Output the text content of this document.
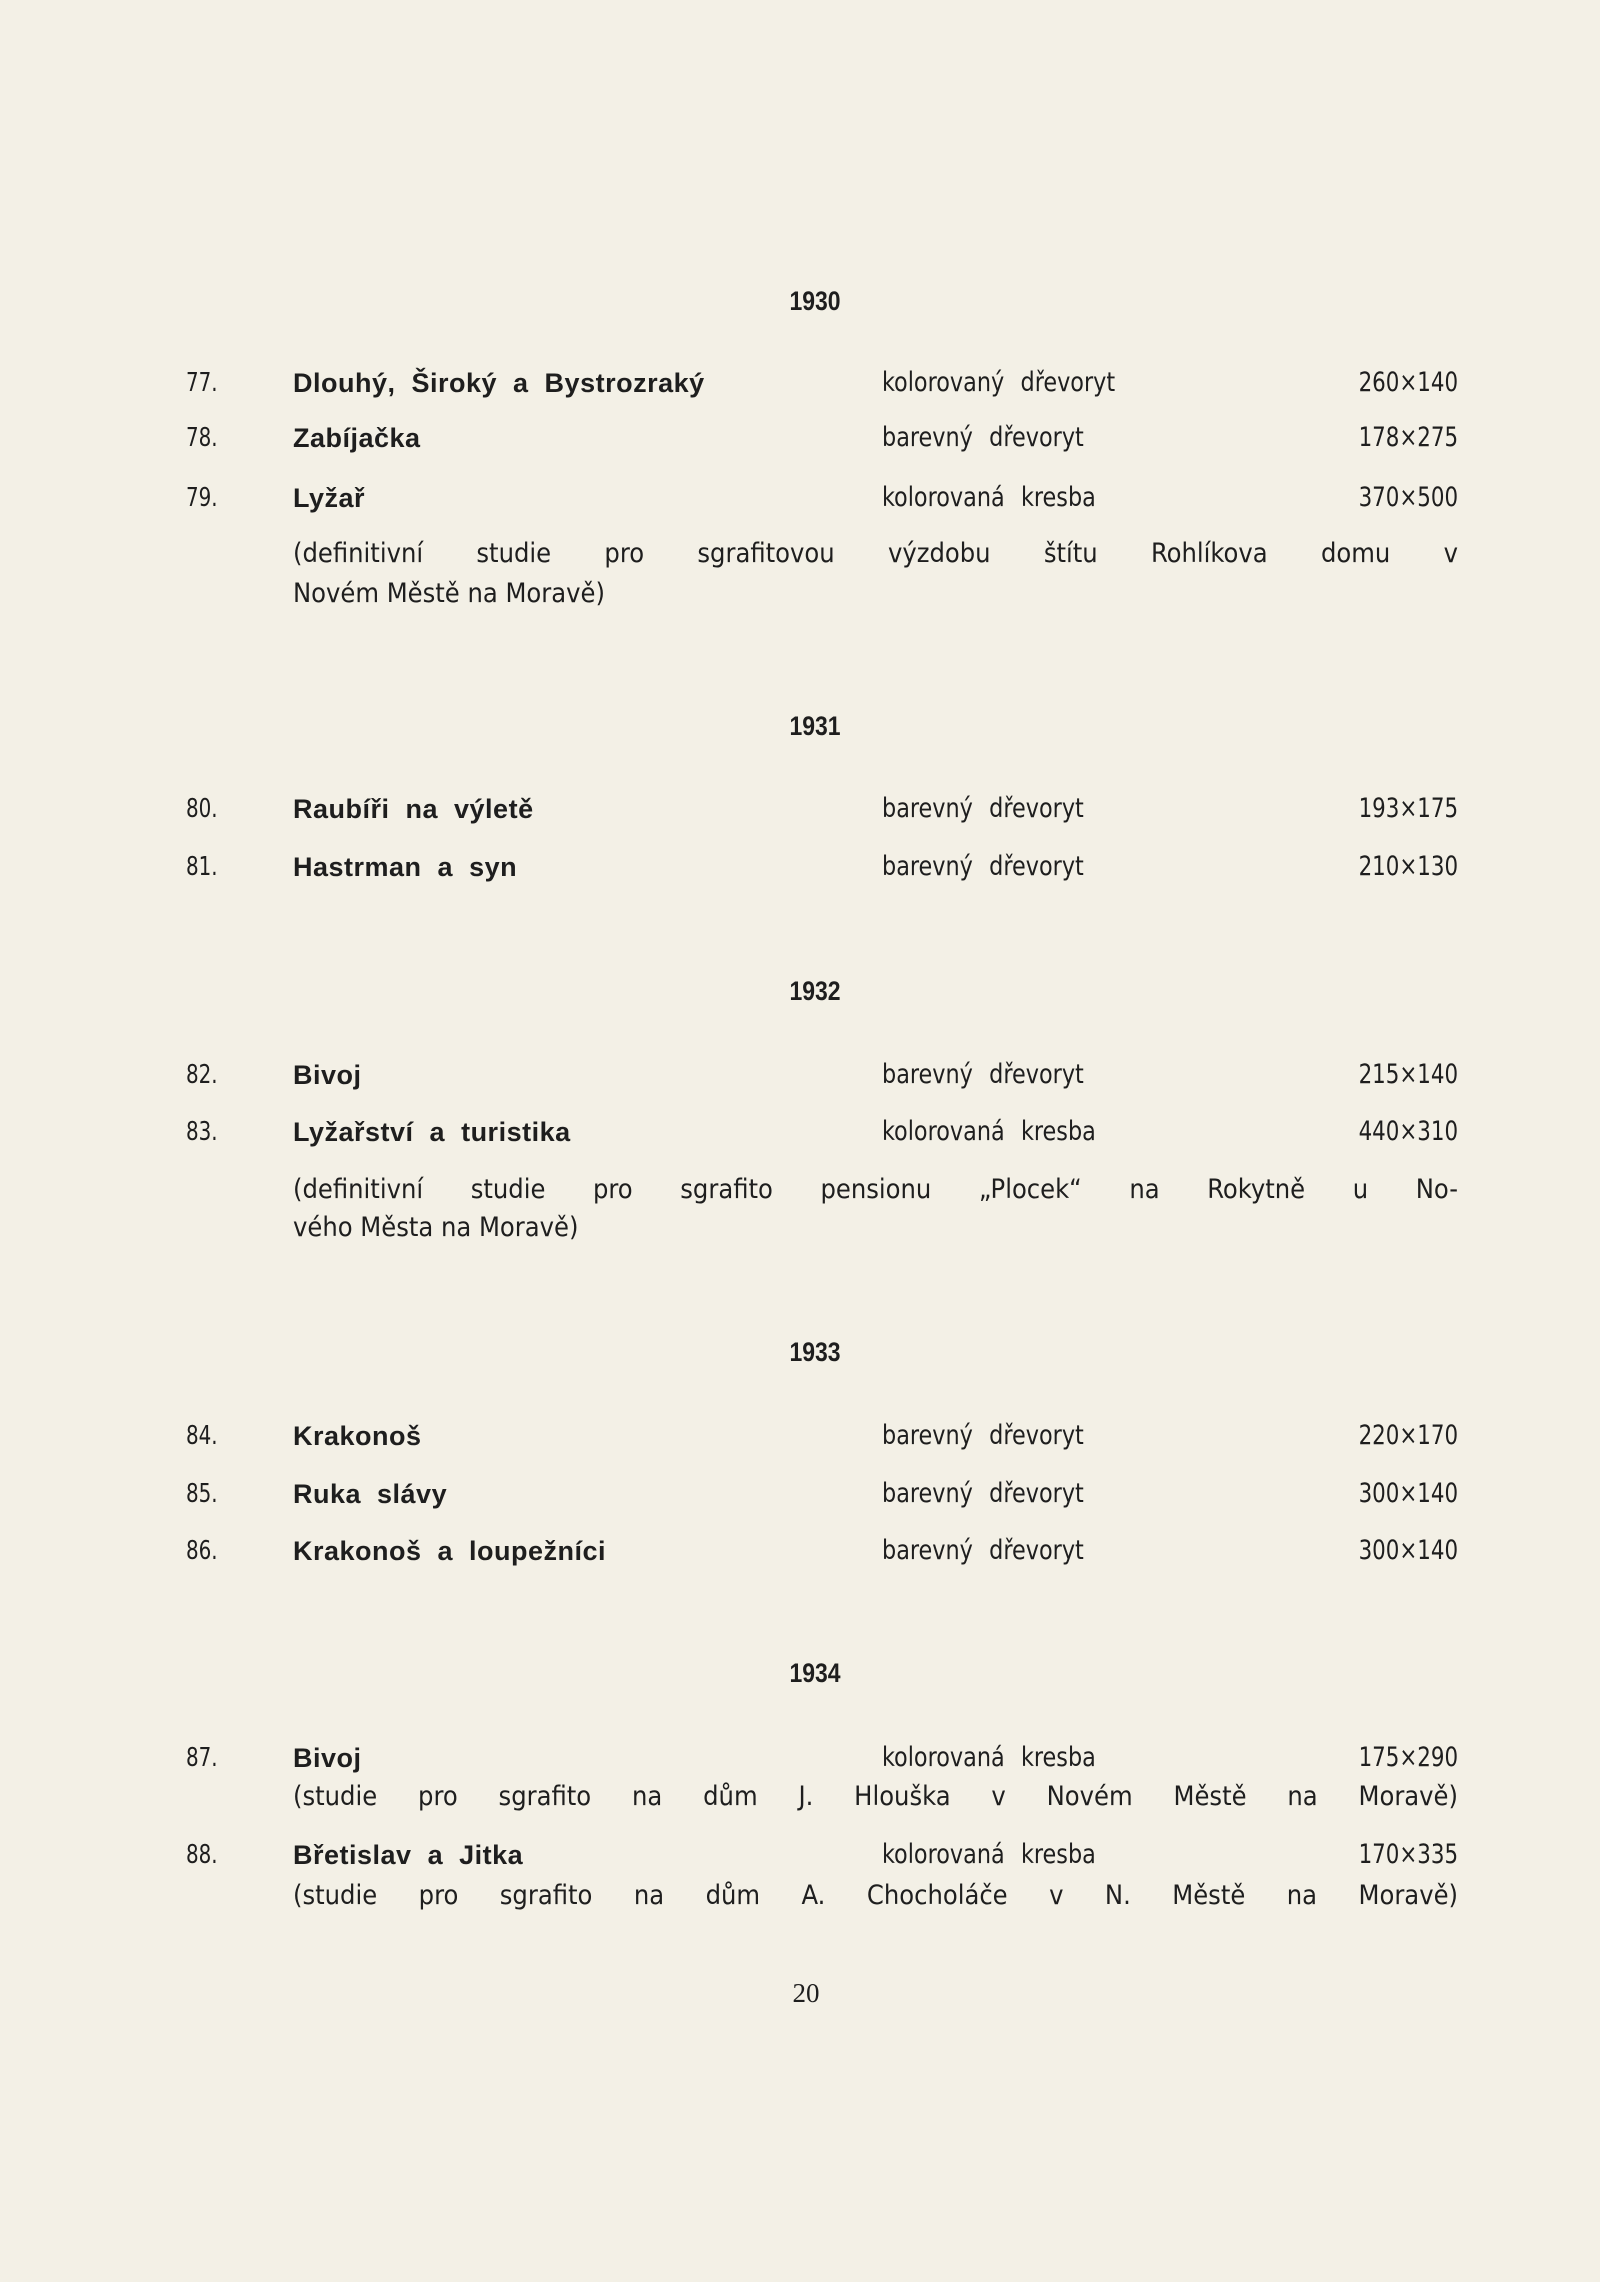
1930
77.	Dlouhý, Široký a Bystrozraký	kolorovaný dřevoryt	260×140
78.	Zabíjačka	barevný dřevoryt	178×275
79.	Lyžař	kolorovaná kresba	370×500
(definitivní studie pro sgrafitovou výzdobu štítu Rohlíkova domu v
Novém Městě na Moravě)
1931
80.	Raubíři na výletě	barevný dřevoryt	193×175
81.	Hastrman a syn	barevný dřevoryt	210×130
1932
82.	Bivoj	barevný dřevoryt	215×140
83.	Lyžařství a turistika	kolorovaná kresba	440×310
(definitivní studie pro sgrafito pensionu „Plocek“ na Rokytně u No-
vého Města na Moravě)
1933
84.	Krakonoš	barevný dřevoryt	220×170
85.	Ruka slávy	barevný dřevoryt	300×140
86.	Krakonoš a loupežníci	barevný dřevoryt	300×140
1934
87.	Bivoj	kolorovaná kresba	175×290
(studie pro sgrafito na dům J. Hlouška v Novém Městě na Moravě)
88.	Břetislav a Jitka	kolorovaná kresba	170×335
(studie pro sgrafito na dům A. Chocholáče v N. Městě na Moravě)
20
